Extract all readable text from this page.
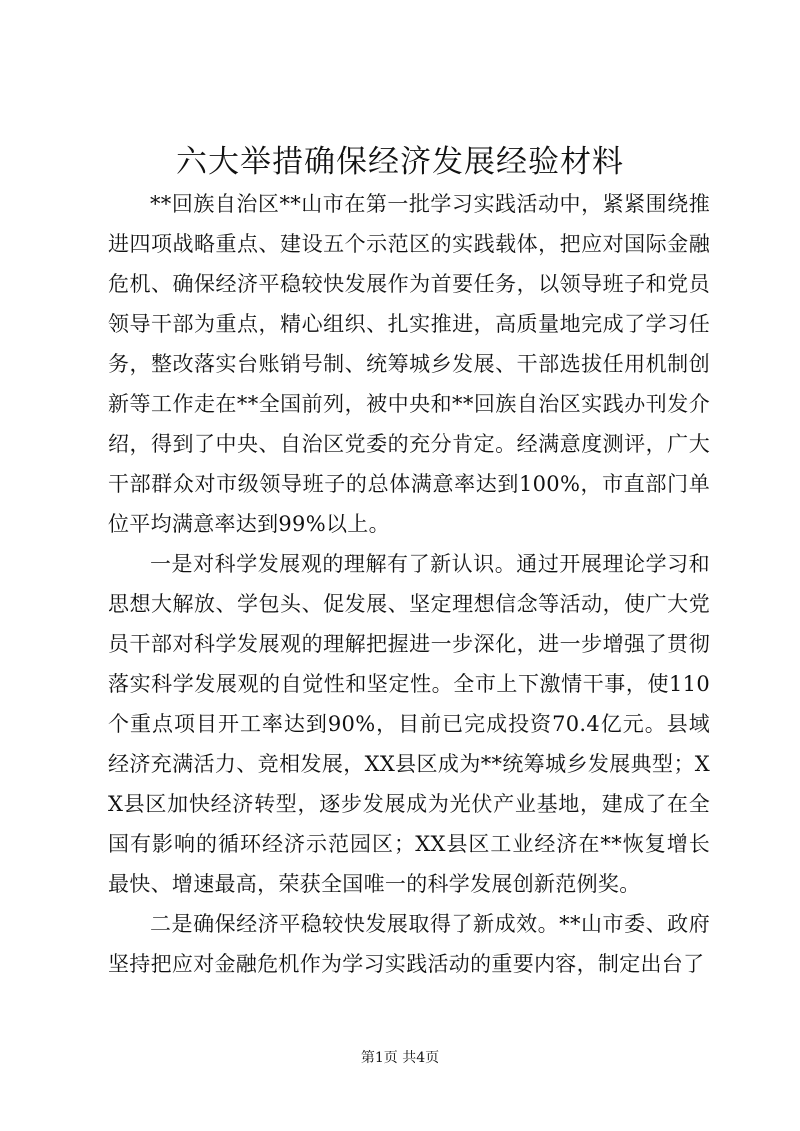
六大举措确保经济发展经验材料

**回族自治区**山市在第一批学习实践活动中，紧紧围绕推进四项战略重点、建设五个示范区的实践载体，把应对国际金融危机、确保经济平稳较快发展作为首要任务，以领导班子和党员领导干部为重点，精心组织、扎实推进，高质量地完成了学习任务，整改落实台账销号制、统筹城乡发展、干部选拔任用机制创新等工作走在**全国前列，被中央和**回族自治区实践办刊发介绍，得到了中央、自治区党委的充分肯定。经满意度测评，广大干部群众对市级领导班子的总体满意率达到100%，市直部门单位平均满意率达到99%以上。

一是对科学发展观的理解有了新认识。通过开展理论学习和思想大解放、学包头、促发展、坚定理想信念等活动，使广大党员干部对科学发展观的理解把握进一步深化，进一步增强了贯彻落实科学发展观的自觉性和坚定性。全市上下激情干事，使110个重点项目开工率达到90%，目前已完成投资70.4亿元。县域经济充满活力、竞相发展，XX县区成为**统筹城乡发展典型；XX县区加快经济转型，逐步发展成为光伏产业基地，建成了在全国有影响的循环经济示范园区；XX县区工业经济在**恢复增长最快、增速最高，荣获全国唯一的科学发展创新范例奖。

二是确保经济平稳较快发展取得了新成效。**山市委、政府坚持把应对金融危机作为学习实践活动的重要内容，制定出台了

第1页 共4页
